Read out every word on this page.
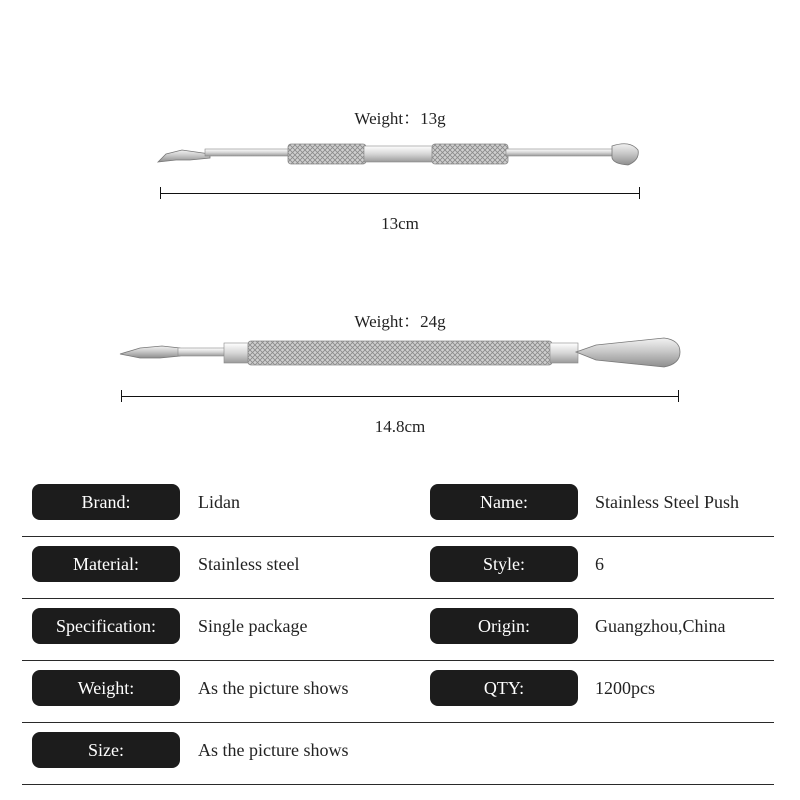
Weight：13g
13cm
Weight：24g
14.8cm
Brand:	Lidan	Name:	Stainless Steel Push
Material:	Stainless steel	Style:	6
Specification:	Single package	Origin:	Guangzhou,China
Weight:	As the picture shows	QTY:	1200pcs
Size:	As the picture shows
